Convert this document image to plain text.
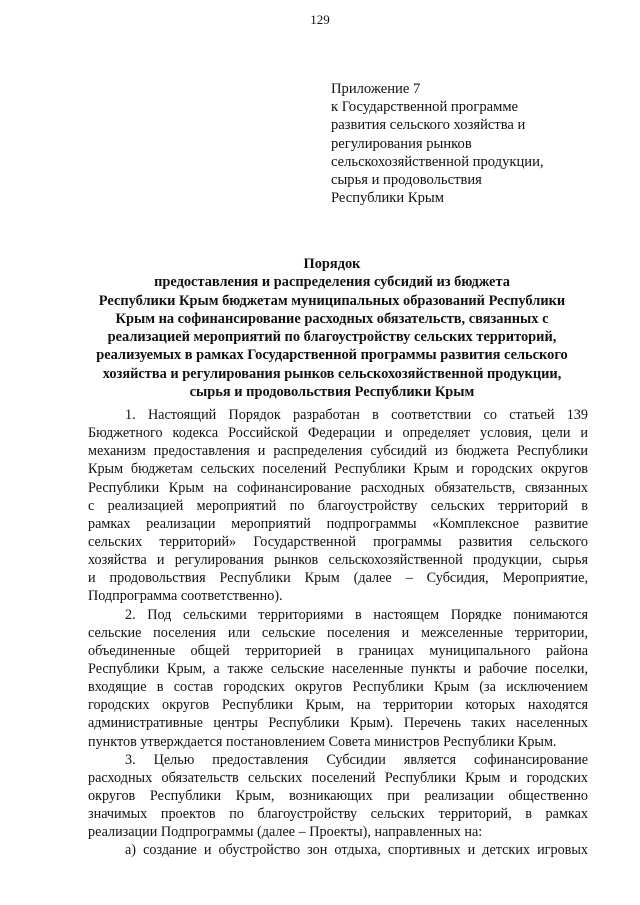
129
Приложение 7
к Государственной программе
развития сельского хозяйства и
регулирования рынков
сельскохозяйственной продукции,
сырья и продовольствия
Республики Крым
Порядок
предоставления и распределения субсидий из бюджета
Республики Крым бюджетам муниципальных образований Республики
Крым на софинансирование расходных обязательств, связанных с
реализацией мероприятий по благоустройству сельских территорий,
реализуемых в рамках Государственной программы развития сельского
хозяйства и регулирования рынков сельскохозяйственной продукции,
сырья и продовольствия Республики Крым
1. Настоящий Порядок разработан в соответствии со статьей 139
Бюджетного кодекса Российской Федерации и определяет условия, цели и
механизм предоставления и распределения субсидий из бюджета Республики
Крым бюджетам сельских поселений Республики Крым и городских округов
Республики Крым на софинансирование расходных обязательств, связанных
с реализацией мероприятий по благоустройству сельских территорий в
рамках реализации мероприятий подпрограммы «Комплексное развитие
сельских территорий» Государственной программы развития сельского
хозяйства и регулирования рынков сельскохозяйственной продукции, сырья
и продовольствия Республики Крым (далее – Субсидия, Мероприятие,
Подпрограмма соответственно).
2. Под сельскими территориями в настоящем Порядке понимаются
сельские поселения или сельские поселения и межселенные территории,
объединенные общей территорией в границах муниципального района
Республики Крым, а также сельские населенные пункты и рабочие поселки,
входящие в состав городских округов Республики Крым (за исключением
городских округов Республики Крым, на территории которых находятся
административные центры Республики Крым). Перечень таких населенных
пунктов утверждается постановлением Совета министров Республики Крым.
3. Целью предоставления Субсидии является софинансирование
расходных обязательств сельских поселений Республики Крым и городских
округов Республики Крым, возникающих при реализации общественно
значимых проектов по благоустройству сельских территорий, в рамках
реализации Подпрограммы (далее – Проекты), направленных на:
а) создание и обустройство зон отдыха, спортивных и детских игровых
